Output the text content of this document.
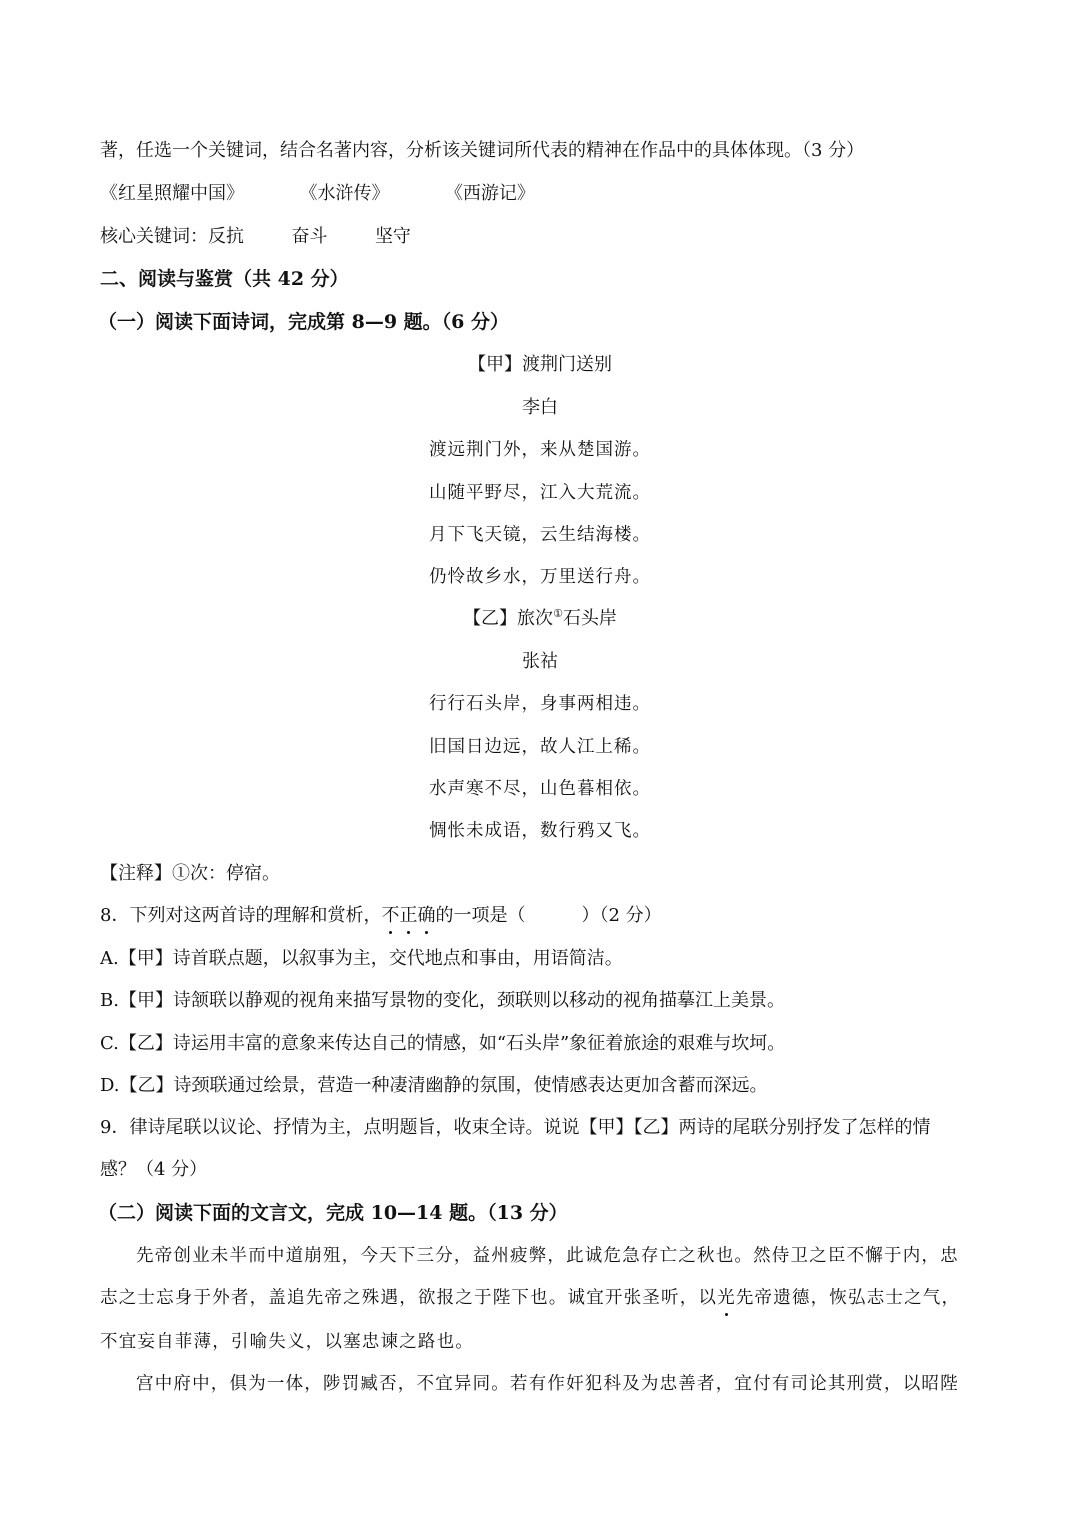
著，任选一个关键词，结合名著内容，分析该关键词所代表的精神在作品中的具体体现。（3 分）
《红星照耀中国》	《水浒传》	《西游记》
核心关键词：反抗	奋斗	坚守
二、阅读与鉴赏（共 42 分）
（一）阅读下面诗词，完成第 8—9 题。（6 分）
【甲】渡荆门送别
李白
渡远荆门外，来从楚国游。
山随平野尽，江入大荒流。
月下飞天镜，云生结海楼。
仍怜故乡水，万里送行舟。
【乙】旅次①石头岸
张祜
行行石头岸，身事两相违。
旧国日边远，故人江上稀。
水声寒不尽，山色暮相依。
惆怅未成语，数行鸦又飞。
【注释】①次：停宿。
8．下列对这两首诗的理解和赏析，不正确的一项是（	）（2 分）
A.【甲】诗首联点题，以叙事为主，交代地点和事由，用语简洁。
B.【甲】诗颔联以静观的视角来描写景物的变化，颈联则以移动的视角描摹江上美景。
C.【乙】诗运用丰富的意象来传达自己的情感，如“石头岸”象征着旅途的艰难与坎坷。
D.【乙】诗颈联通过绘景，营造一种凄清幽静的氛围，使情感表达更加含蓄而深远。
9．律诗尾联以议论、抒情为主，点明题旨，收束全诗。说说【甲】【乙】两诗的尾联分别抒发了怎样的情
感？（4 分）
（二）阅读下面的文言文，完成 10—14 题。（13 分）
先帝创业未半而中道崩殂，今天下三分，益州疲弊，此诚危急存亡之秋也。然侍卫之臣不懈于内，忠
志之士忘身于外者，盖追先帝之殊遇，欲报之于陛下也。诚宜开张圣听，以光先帝遗德，恢弘志士之气，
不宜妄自菲薄，引喻失义，以塞忠谏之路也。
宫中府中，俱为一体，陟罚臧否，不宜异同。若有作奸犯科及为忠善者，宜付有司论其刑赏，以昭陛
